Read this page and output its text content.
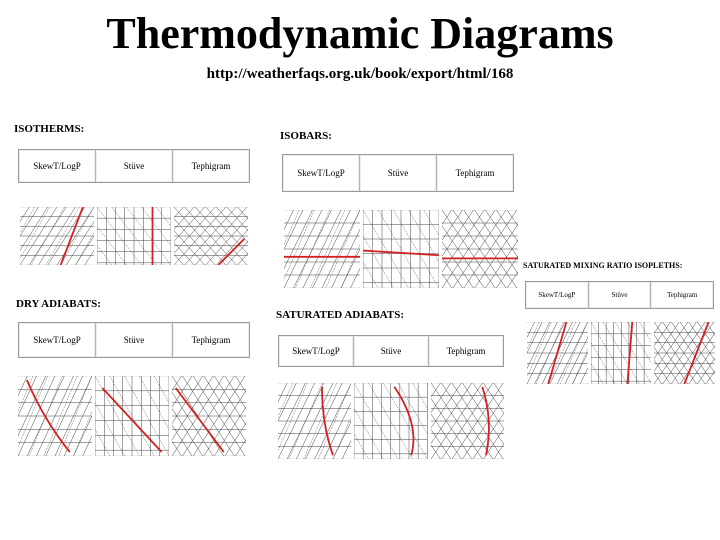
Thermodynamic Diagrams
http://weatherfaqs.org.uk/book/export/html/168
ISOTHERMS:
SkewT/LogP	Stüve	Tephigram
ISOBARS:
SkewT/LogP	Stüve	Tephigram
SATURATED MIXING RATIO ISOPLETHS:
SkewT/LogP	Stüve	Tephigram
DRY ADIABATS:
SkewT/LogP	Stüve	Tephigram
SATURATED ADIABATS:
SkewT/LogP	Stüve	Tephigram
